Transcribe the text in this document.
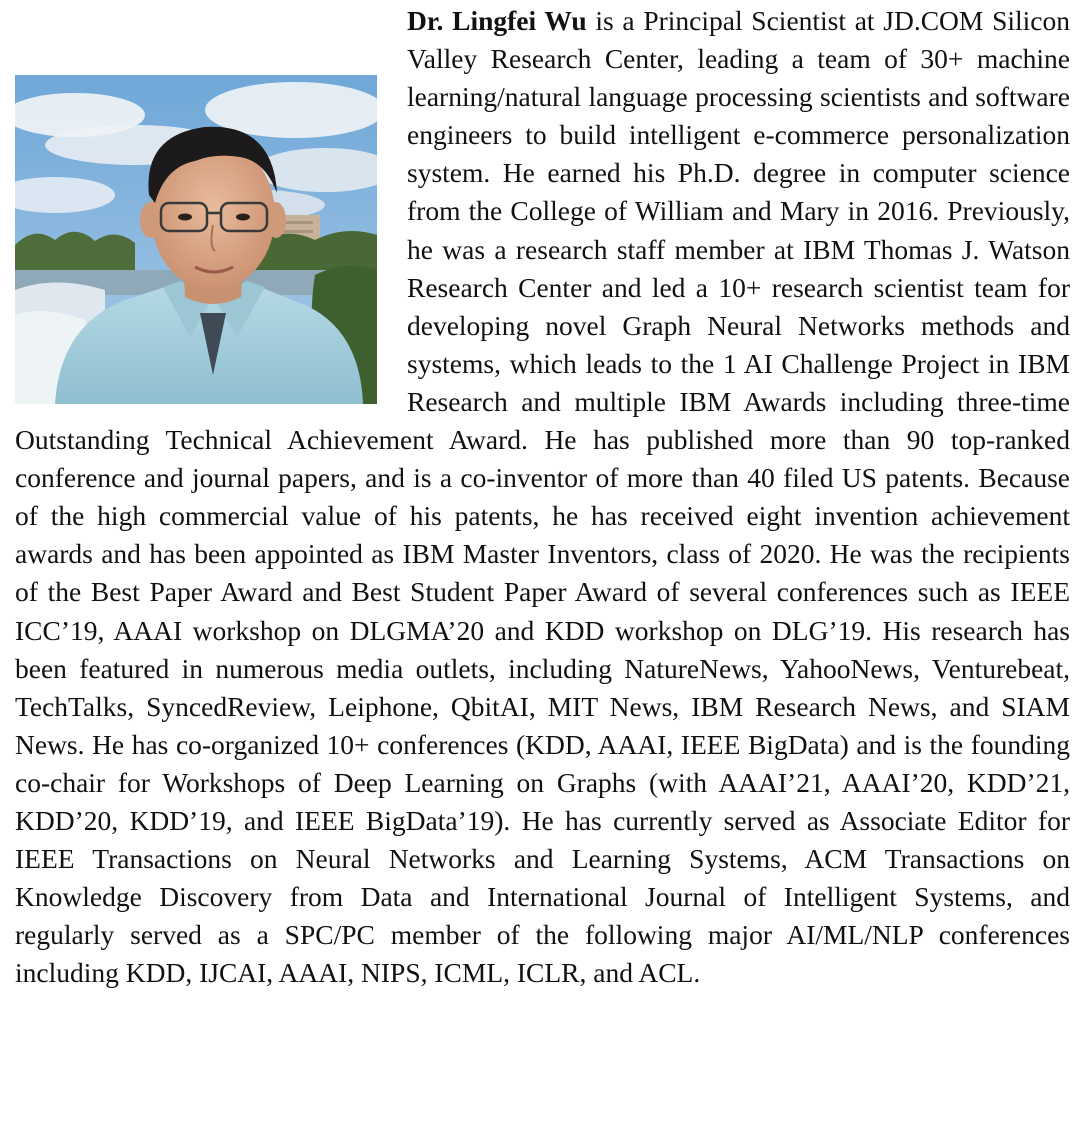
Dr. Lingfei Wu is a Principal Scientist at JD.COM Silicon Valley Research Center, leading a team of 30+ machine learning/natural language processing scientists and software engineers to build intelligent e-commerce personalization system. He earned his Ph.D. degree in computer science from the College of William and Mary in 2016. Previously, he was a research staff member at IBM Thomas J. Watson Research Center and led a 10+ research scientist team for developing novel Graph Neural Networks methods and systems, which leads to the 1 AI Challenge Project in IBM Research and multiple IBM Awards including three-time Outstanding Technical Achievement Award. He has published more than 90 top-ranked conference and journal papers, and is a co-inventor of more than 40 filed US patents. Because of the high commercial value of his patents, he has received eight invention achievement awards and has been appointed as IBM Master Inventors, class of 2020. He was the recipients of the Best Paper Award and Best Student Paper Award of several conferences such as IEEE ICC’19, AAAI workshop on DLGMA’20 and KDD workshop on DLG’19. His research has been featured in numerous media outlets, including NatureNews, YahooNews, Venturebeat, TechTalks, SyncedReview, Leiphone, QbitAI, MIT News, IBM Research News, and SIAM News. He has co-organized 10+ conferences (KDD, AAAI, IEEE BigData) and is the founding co-chair for Workshops of Deep Learning on Graphs (with AAAI’21, AAAI’20, KDD’21, KDD’20, KDD’19, and IEEE BigData’19). He has currently served as Associate Editor for IEEE Transactions on Neural Networks and Learning Systems, ACM Transactions on Knowledge Discovery from Data and International Journal of Intelligent Systems, and regularly served as a SPC/PC member of the following major AI/ML/NLP conferences including KDD, IJCAI, AAAI, NIPS, ICML, ICLR, and ACL.
